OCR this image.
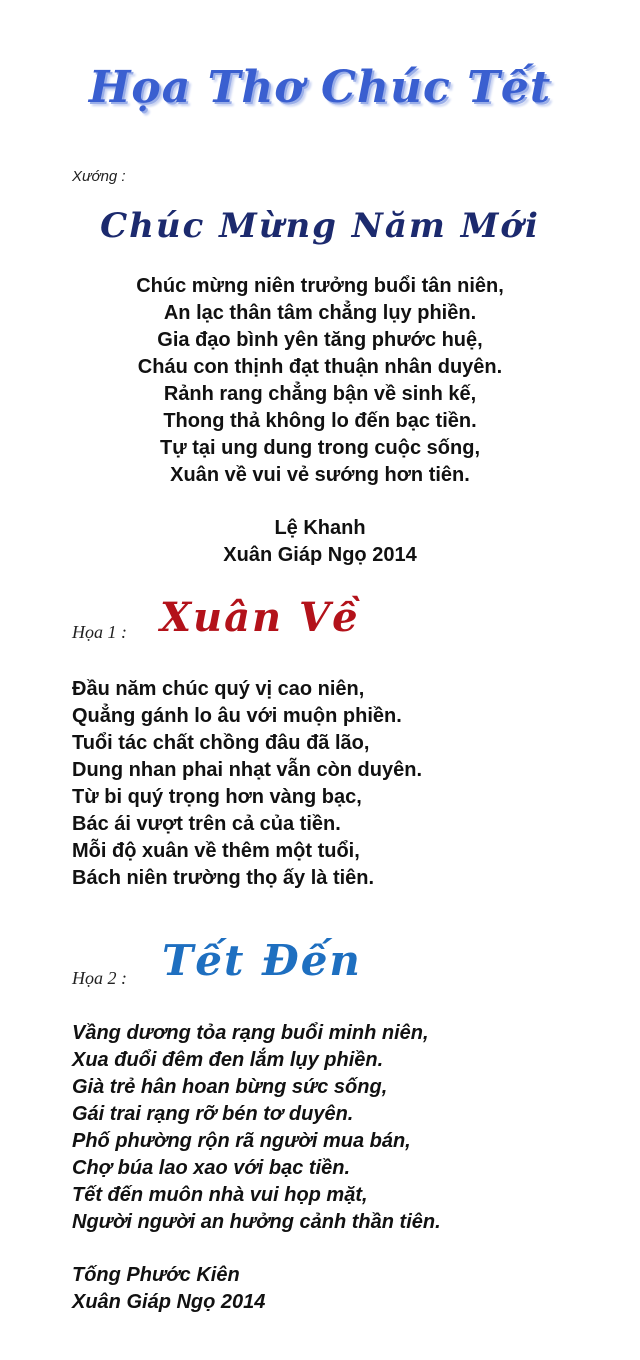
Họa Thơ Chúc Tết
Xướng :
Chúc Mừng Năm Mới
Chúc mừng niên trưởng buổi tân niên,
An lạc thân tâm chẳng lụy phiền.
Gia đạo bình yên tăng phước huệ,
Cháu con thịnh đạt thuận nhân duyên.
Rảnh rang chẳng bận về sinh kế,
Thong thả không lo đến bạc tiền.
Tự tại ung dung trong cuộc sống,
Xuân về vui vẻ sướng hơn tiên.
Lệ Khanh
Xuân Giáp Ngọ 2014
Họa 1 : Xuân Về
Đầu năm chúc quý vị cao niên,
Quẳng gánh lo âu với muộn phiền.
Tuổi tác chất chồng đâu đã lão,
Dung nhan phai nhạt vẫn còn duyên.
Từ bi quý trọng hơn vàng bạc,
Bác ái vượt trên cả của tiền.
Mỗi độ xuân về thêm một tuổi,
Bách niên trường thọ ấy là tiên.
Họa 2 : Tết Đến
Vầng dương tỏa rạng buổi minh niên,
Xua đuổi đêm đen lắm lụy phiền.
Già trẻ hân hoan bừng sức sống,
Gái trai rạng rỡ bén tơ duyên.
Phố phường rộn rã người mua bán,
Chợ búa lao xao với bạc tiền.
Tết đến muôn nhà vui họp mặt,
Người người an hưởng cảnh thần tiên.
Tống Phước Kiên
Xuân Giáp Ngọ 2014
